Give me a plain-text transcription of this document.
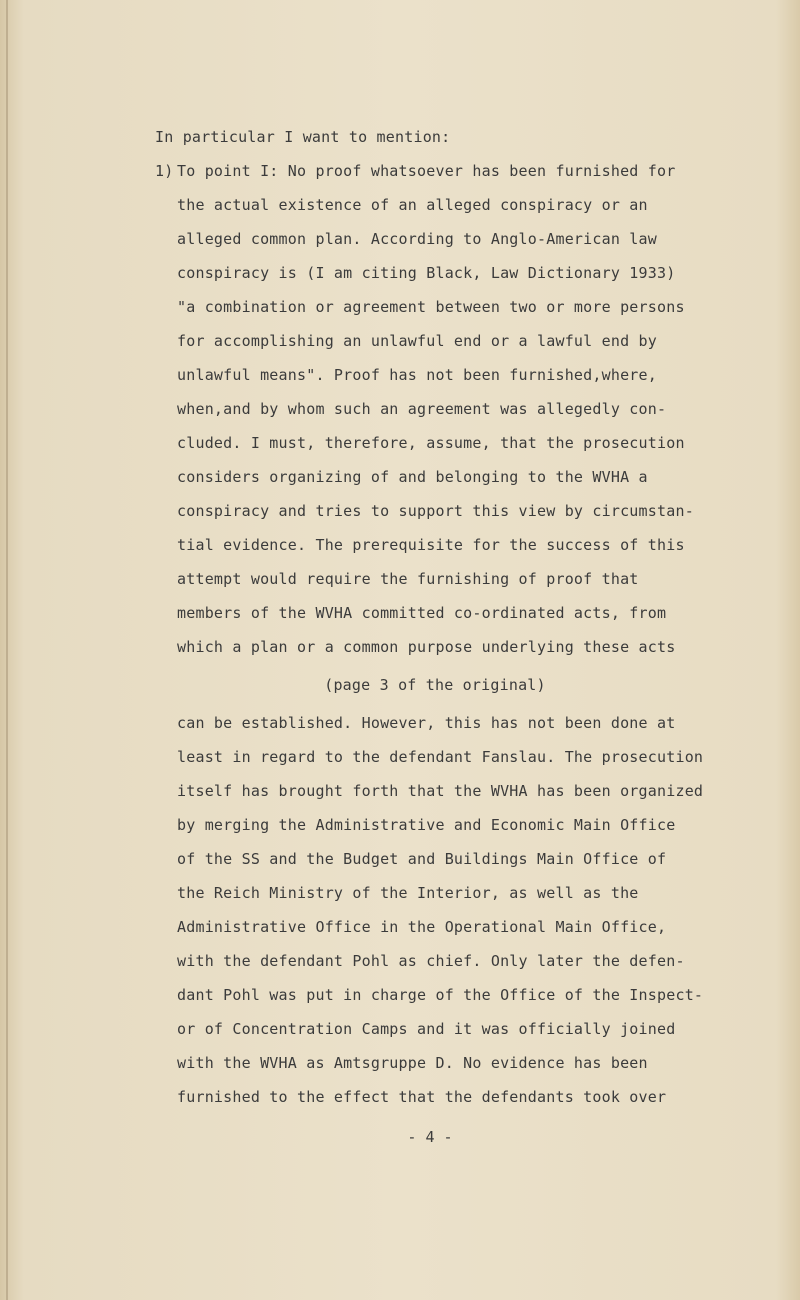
In particular I want to mention:
1) To point I: No proof whatsoever has been furnished for
the actual existence of an alleged conspiracy or an
alleged common plan. According to Anglo-American law
conspiracy is (I am citing Black, Law Dictionary 1933)
"a combination or agreement between two or more persons
for accomplishing an unlawful end or a lawful end by
unlawful means". Proof has not been furnished,where,
when,and by whom such an agreement was allegedly con-
cluded. I must, therefore, assume, that the prosecution
considers organizing of and belonging to the WVHA a
conspiracy and tries to support this view by circumstan-
tial evidence. The prerequisite for the success of this
attempt would require the furnishing of proof that
members of the WVHA committed co-ordinated acts, from
which a plan or a common purpose underlying these acts
(page 3 of the original)
can be established. However, this has not been done at
least in regard to the defendant Fanslau. The prosecution
itself has brought forth that the WVHA has been organized
by merging the Administrative and Economic Main Office
of the SS and the Budget and Buildings Main Office of
the Reich Ministry of the Interior, as well as the
Administrative Office in the Operational Main Office,
with the defendant Pohl as chief. Only later the defen-
dant Pohl was put in charge of the Office of the Inspect-
or of Concentration Camps and it was officially joined
with the WVHA as Amtsgruppe D. No evidence has been
furnished to the effect that the defendants took over
- 4 -
